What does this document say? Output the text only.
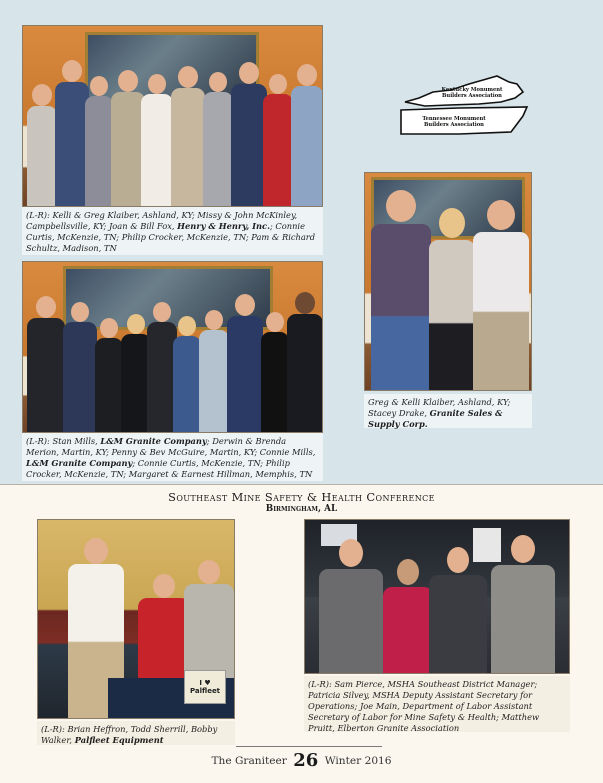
(L-R): Kelli & Greg Klaiber, Ashland, KY; Missy & John McKinley, Campbellsville, KY; Joan & Bill Fox, Henry & Henry, Inc.; Connie Curtis, McKenzie, TN; Philip Crocker, McKenzie, TN; Pam & Richard Schultz, Madison, TN
Kentucky Monument Builders Association
Tennessee Monument Builders Association
Greg & Kelli Klaiber, Ashland, KY; Stacey Drake, Granite Sales & Supply Corp.
(L-R): Stan Mills, L&M Granite Company; Derwin & Brenda Merion, Martin, KY; Penny & Bev McGuire, Martin, KY; Connie Mills, L&M Granite Company; Connie Curtis, McKenzie, TN; Philip Crocker, McKenzie, TN; Margaret & Earnest Hillman, Memphis, TN
Southeast Mine Safety & Health Conference
Birmingham, AL
I ♥ Palfleet
(L-R): Brian Heffron, Todd Sherrill, Bobby Walker, Palfleet Equipment
(L-R): Sam Pierce, MSHA Southeast District Manager; Patricia Silvey, MSHA Deputy Assistant Secretary for Operations; Joe Main, Department of Labor Assistant Secretary of Labor for Mine Safety & Health; Matthew Pruitt, Elberton Granite Association
The Graniteer 26 Winter 2016
